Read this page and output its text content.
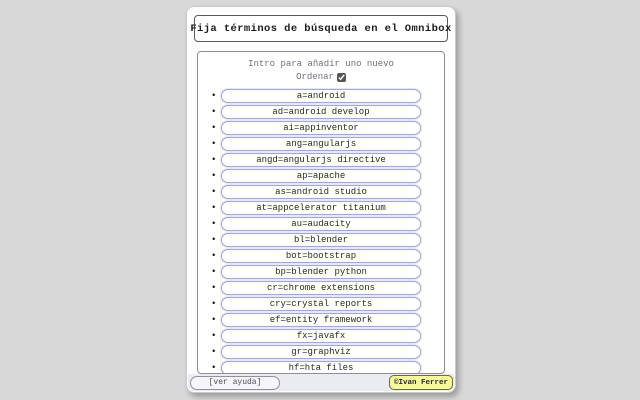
Fija términos de búsqueda en el Omnibox
Intro para añadir uno nuevo
Ordenar
•	a=android
•	ad=android develop
•	ai=appinventor
•	ang=angularjs
•	angd=angularjs directive
•	ap=apache
•	as=android studio
•	at=appcelerator titanium
•	au=audacity
•	bl=blender
•	bot=bootstrap
•	bp=blender python
•	cr=chrome extensions
•	cry=crystal reports
•	ef=entity framework
•	fx=javafx
•	gr=graphviz
•	hf=hta files
[ver ayuda]	©Ivan Ferrer
